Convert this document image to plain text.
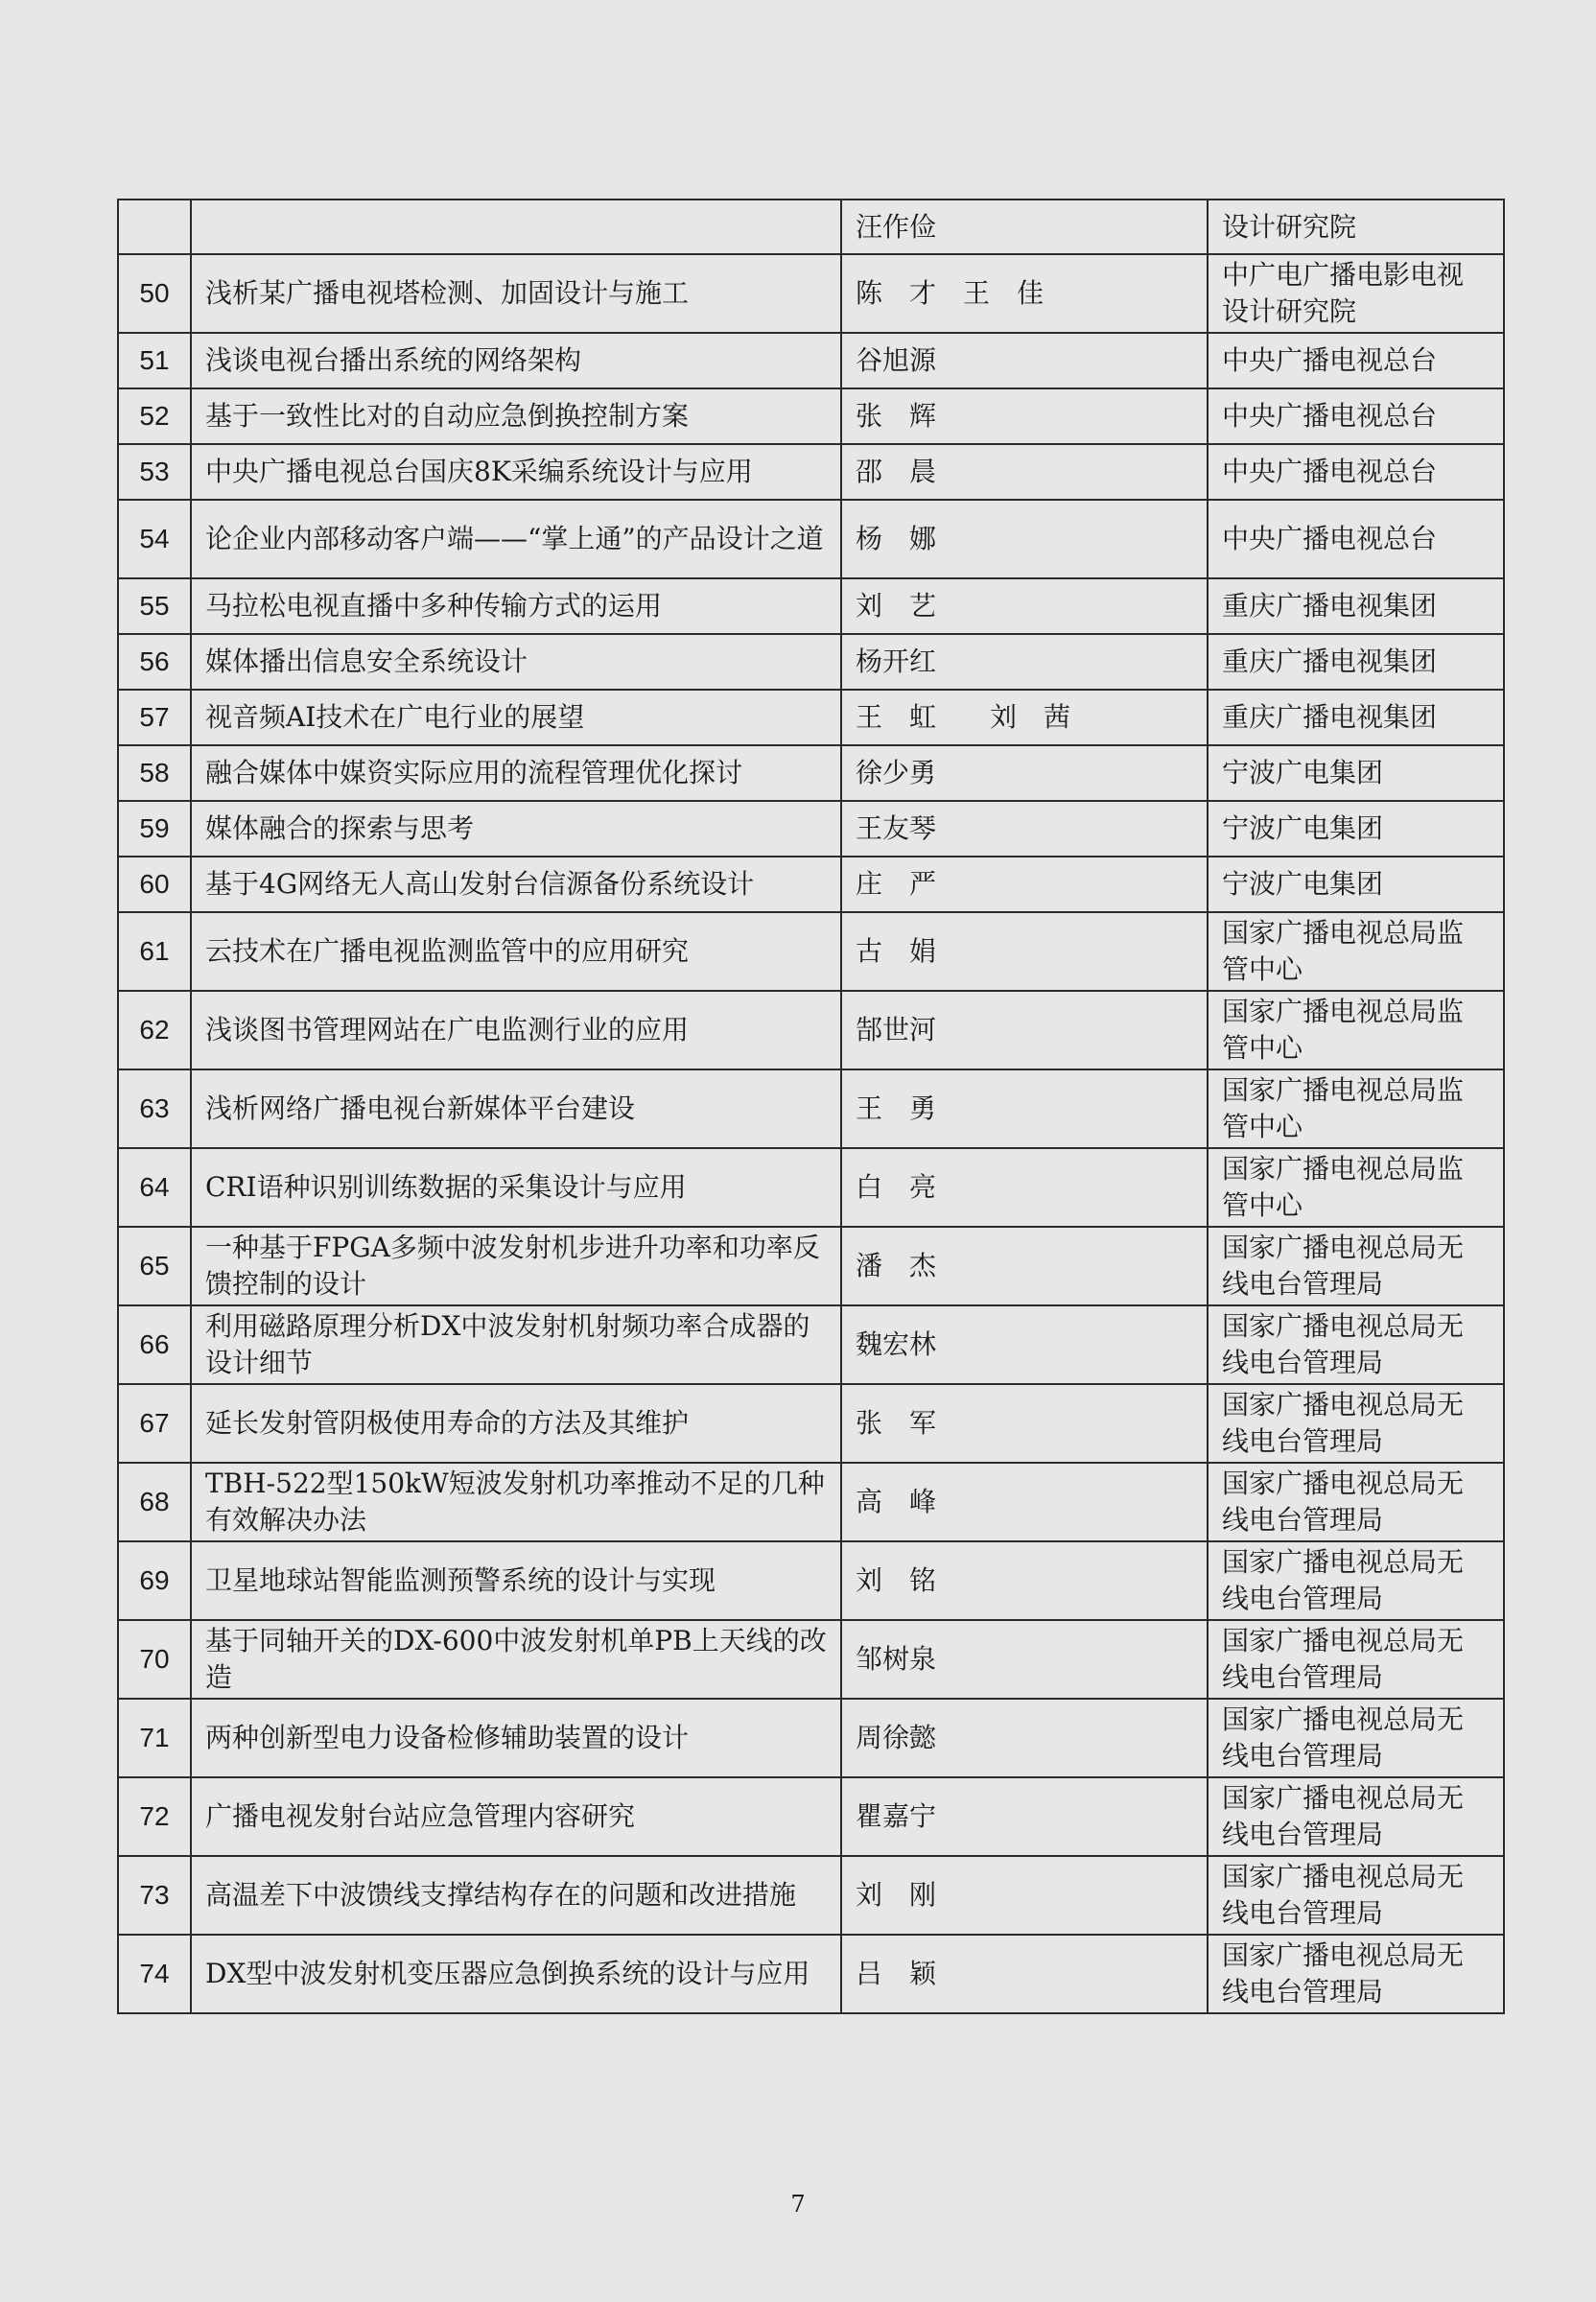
		汪作俭	设计研究院
50	浅析某广播电视塔检测、加固设计与施工	陈　才　王　佳	中广电广播电影电视设计研究院
51	浅谈电视台播出系统的网络架构	谷旭源	中央广播电视总台
52	基于一致性比对的自动应急倒换控制方案	张　辉	中央广播电视总台
53	中央广播电视总台国庆8K采编系统设计与应用	邵　晨	中央广播电视总台
54	论企业内部移动客户端——“掌上通”的产品设计之道	杨　娜	中央广播电视总台
55	马拉松电视直播中多种传输方式的运用	刘　艺	重庆广播电视集团
56	媒体播出信息安全系统设计	杨开红	重庆广播电视集团
57	视音频AI技术在广电行业的展望	王　虹　　刘　茜	重庆广播电视集团
58	融合媒体中媒资实际应用的流程管理优化探讨	徐少勇	宁波广电集团
59	媒体融合的探索与思考	王友琴	宁波广电集团
60	基于4G网络无人高山发射台信源备份系统设计	庄　严	宁波广电集团
61	云技术在广播电视监测监管中的应用研究	古　娟	国家广播电视总局监管中心
62	浅谈图书管理网站在广电监测行业的应用	郜世河	国家广播电视总局监管中心
63	浅析网络广播电视台新媒体平台建设	王　勇	国家广播电视总局监管中心
64	CRI语种识别训练数据的采集设计与应用	白　亮	国家广播电视总局监管中心
65	一种基于FPGA多频中波发射机步进升功率和功率反馈控制的设计	潘　杰	国家广播电视总局无线电台管理局
66	利用磁路原理分析DX中波发射机射频功率合成器的设计细节	魏宏林	国家广播电视总局无线电台管理局
67	延长发射管阴极使用寿命的方法及其维护	张　军	国家广播电视总局无线电台管理局
68	TBH-522型150kW短波发射机功率推动不足的几种有效解决办法	高　峰	国家广播电视总局无线电台管理局
69	卫星地球站智能监测预警系统的设计与实现	刘　铭	国家广播电视总局无线电台管理局
70	基于同轴开关的DX-600中波发射机单PB上天线的改造	邹树泉	国家广播电视总局无线电台管理局
71	两种创新型电力设备检修辅助装置的设计	周徐懿	国家广播电视总局无线电台管理局
72	广播电视发射台站应急管理内容研究	瞿嘉宁	国家广播电视总局无线电台管理局
73	高温差下中波馈线支撑结构存在的问题和改进措施	刘　刚	国家广播电视总局无线电台管理局
74	DX型中波发射机变压器应急倒换系统的设计与应用	吕　颖	国家广播电视总局无线电台管理局
7
